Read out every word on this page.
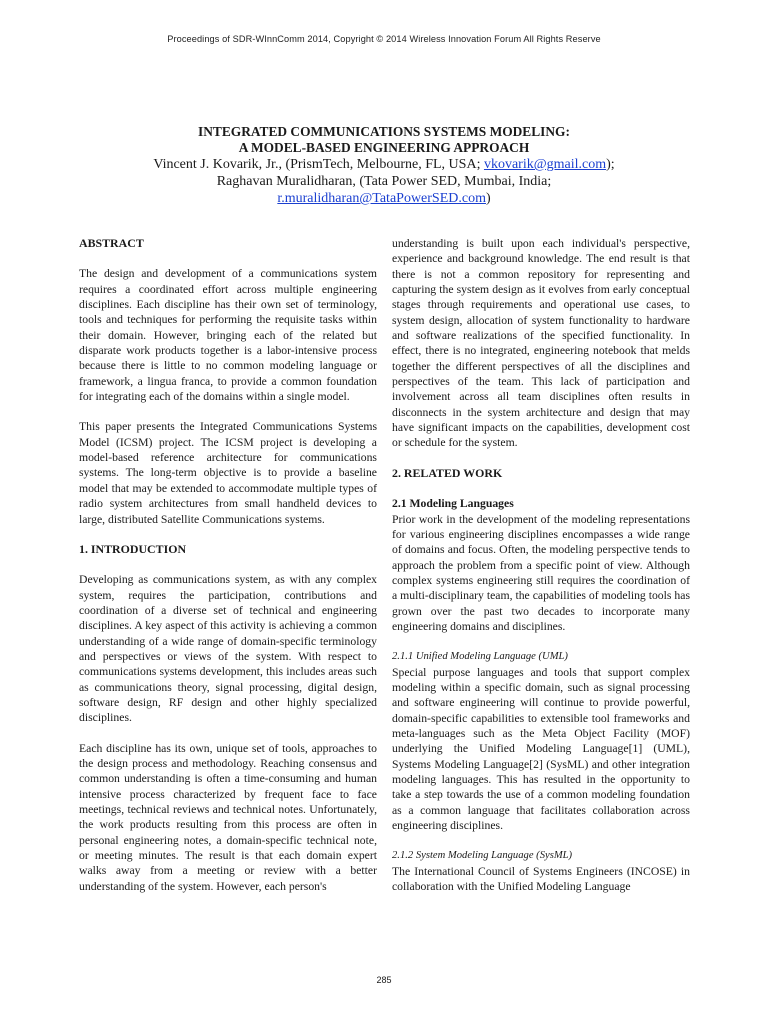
Proceedings of SDR-WInnComm 2014, Copyright © 2014 Wireless Innovation Forum All Rights Reserve

INTEGRATED COMMUNICATIONS SYSTEMS MODELING:

A MODEL-BASED ENGINEERING APPROACH

Vincent J. Kovarik, Jr., (PrismTech, Melbourne, FL, USA; vkovarik@gmail.com);

Raghavan Muralidharan, (Tata Power SED, Mumbai, India;

r.muralidharan@TataPowerSED.com)

ABSTRACT

The design and development of a communications system requires a coordinated effort across multiple engineering disciplines. Each discipline has their own set of terminology, tools and techniques for performing the requisite tasks within their domain. However, bringing each of the related but disparate work products together is a labor-intensive process because there is little to no common modeling language or framework, a lingua franca, to provide a common foundation for integrating each of the domains within a single model.

This paper presents the Integrated Communications Systems Model (ICSM) project. The ICSM project is developing a model-based reference architecture for communications systems. The long-term objective is to provide a baseline model that may be extended to accommodate multiple types of radio system architectures from small handheld devices to large, distributed Satellite Communications systems.

1. INTRODUCTION

Developing as communications system, as with any complex system, requires the participation, contributions and coordination of a diverse set of technical and engineering disciplines. A key aspect of this activity is achieving a common understanding of a wide range of domain-specific terminology and perspectives or views of the system. With respect to communications systems development, this includes areas such as communications theory, signal processing, digital design, software design, RF design and other highly specialized disciplines.

Each discipline has its own, unique set of tools, approaches to the design process and methodology. Reaching consensus and common understanding is often a time-consuming and human intensive process characterized by frequent face to face meetings, technical reviews and technical notes. Unfortunately, the work products resulting from this process are often in personal engineering notes, a domain-specific technical note, or meeting minutes. The result is that each domain expert walks away from a meeting or review with a better understanding of the system. However, each person's

understanding is built upon each individual's perspective, experience and background knowledge. The end result is that there is not a common repository for representing and capturing the system design as it evolves from early conceptual stages through requirements and operational use cases, to system design, allocation of system functionality to hardware and software realizations of the specified functionality. In effect, there is no integrated, engineering notebook that melds together the different perspectives of all the disciplines and perspectives of the team. This lack of participation and involvement across all team disciplines often results in disconnects in the system architecture and design that may have significant impacts on the capabilities, development cost or schedule for the system.

2. RELATED WORK

2.1 Modeling Languages

Prior work in the development of the modeling representations for various engineering disciplines encompasses a wide range of domains and focus. Often, the modeling perspective tends to approach the problem from a specific point of view. Although complex systems engineering still requires the coordination of a multi-disciplinary team, the capabilities of modeling tools has grown over the past two decades to incorporate many engineering domains and disciplines.

2.1.1 Unified Modeling Language (UML)

Special purpose languages and tools that support complex modeling within a specific domain, such as signal processing and software engineering will continue to provide powerful, domain-specific capabilities to extensible tool frameworks and meta-languages such as the Meta Object Facility (MOF) underlying the Unified Modeling Language[1] (UML), Systems Modeling Language[2] (SysML) and other integration modeling languages. This has resulted in the opportunity to take a step towards the use of a common modeling foundation as a common language that facilitates collaboration across engineering disciplines.

2.1.2 System Modeling Language (SysML)

The International Council of Systems Engineers (INCOSE) in collaboration with the Unified Modeling Language

285
